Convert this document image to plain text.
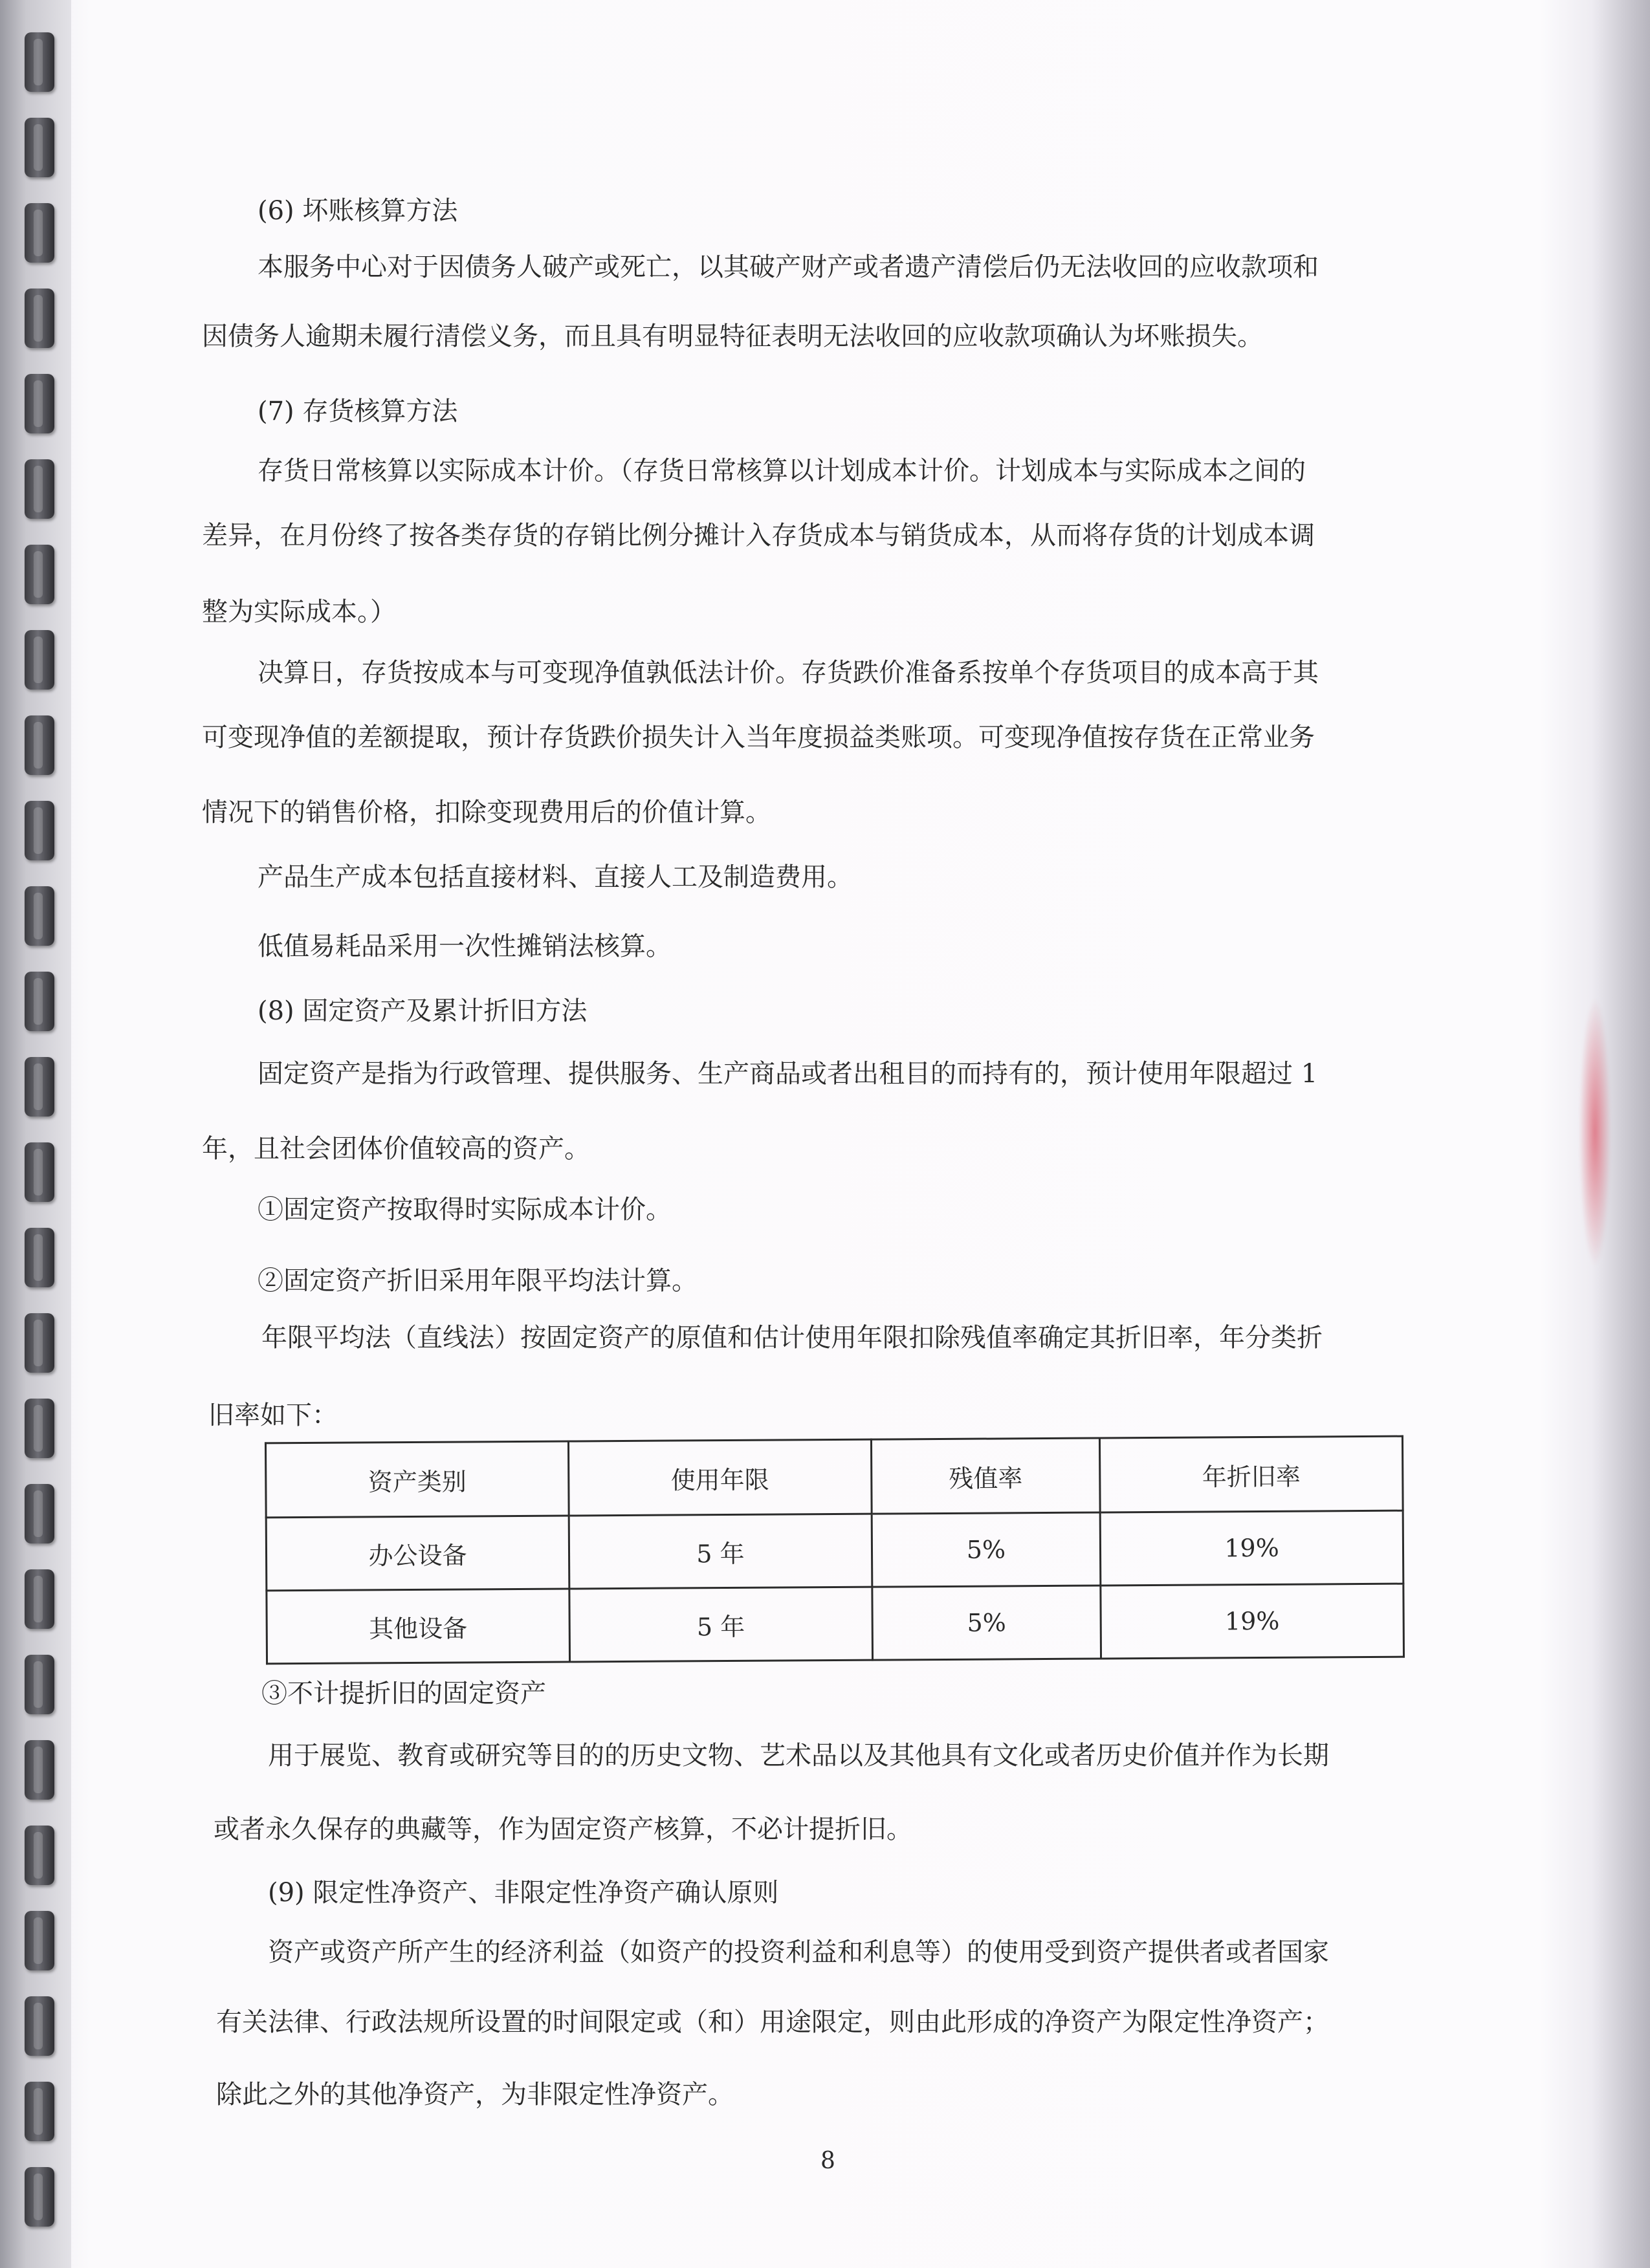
(6) 坏账核算方法
本服务中心对于因债务人破产或死亡，以其破产财产或者遗产清偿后仍无法收回的应收款项和
因债务人逾期未履行清偿义务，而且具有明显特征表明无法收回的应收款项确认为坏账损失。
(7) 存货核算方法
存货日常核算以实际成本计价。（存货日常核算以计划成本计价。计划成本与实际成本之间的
差异，在月份终了按各类存货的存销比例分摊计入存货成本与销货成本，从而将存货的计划成本调
整为实际成本。）
决算日，存货按成本与可变现净值孰低法计价。存货跌价准备系按单个存货项目的成本高于其
可变现净值的差额提取，预计存货跌价损失计入当年度损益类账项。可变现净值按存货在正常业务
情况下的销售价格，扣除变现费用后的价值计算。
产品生产成本包括直接材料、直接人工及制造费用。
低值易耗品采用一次性摊销法核算。
(8) 固定资产及累计折旧方法
固定资产是指为行政管理、提供服务、生产商品或者出租目的而持有的，预计使用年限超过 1
年，且社会团体价值较高的资产。
①固定资产按取得时实际成本计价。
②固定资产折旧采用年限平均法计算。
年限平均法（直线法）按固定资产的原值和估计使用年限扣除残值率确定其折旧率，年分类折
旧率如下：
资产类别	使用年限	残值率	年折旧率
办公设备	5 年	5%	19%
其他设备	5 年	5%	19%
③不计提折旧的固定资产
用于展览、教育或研究等目的的历史文物、艺术品以及其他具有文化或者历史价值并作为长期
或者永久保存的典藏等，作为固定资产核算，不必计提折旧。
(9) 限定性净资产、非限定性净资产确认原则
资产或资产所产生的经济利益（如资产的投资利益和利息等）的使用受到资产提供者或者国家
有关法律、行政法规所设置的时间限定或（和）用途限定，则由此形成的净资产为限定性净资产；
除此之外的其他净资产，为非限定性净资产。
8
